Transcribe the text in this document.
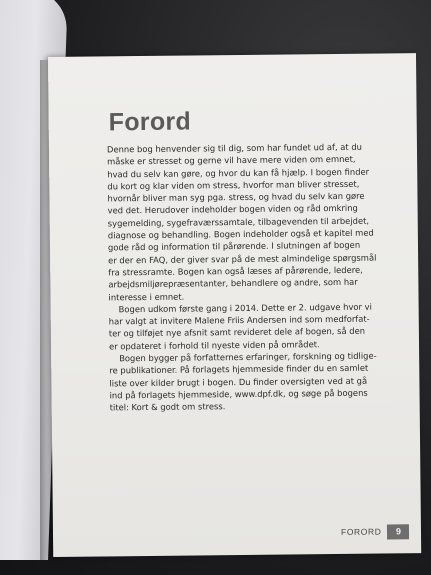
Forord

Denne bog henvender sig til dig, som har fundet ud af, at du
måske er stresset og gerne vil have mere viden om emnet,
hvad du selv kan gøre, og hvor du kan få hjælp. I bogen finder
du kort og klar viden om stress, hvorfor man bliver stresset,
hvornår bliver man syg pga. stress, og hvad du selv kan gøre
ved det. Herudover indeholder bogen viden og råd omkring
sygemelding, sygefraværssamtale, tilbagevenden til arbejdet,
diagnose og behandling. Bogen indeholder også et kapitel med
gode råd og information til pårørende. I slutningen af bogen
er der en FAQ, der giver svar på de mest almindelige spørgsmål
fra stressramte. Bogen kan også læses af pårørende, ledere,
arbejdsmiljørepræsentanter, behandlere og andre, som har
interesse i emnet.

Bogen udkom første gang i 2014. Dette er 2. udgave hvor vi
har valgt at invitere Malene Friis Andersen ind som medforfat-
ter og tilføjet nye afsnit samt revideret dele af bogen, så den
er opdateret i forhold til nyeste viden på området.

Bogen bygger på forfatternes erfaringer, forskning og tidlige-
re publikationer. På forlagets hjemmeside finder du en samlet
liste over kilder brugt i bogen. Du finder oversigten ved at gå
ind på forlagets hjemmeside, www.dpf.dk, og søge på bogens
titel: Kort & godt om stress.

FORORD	9
